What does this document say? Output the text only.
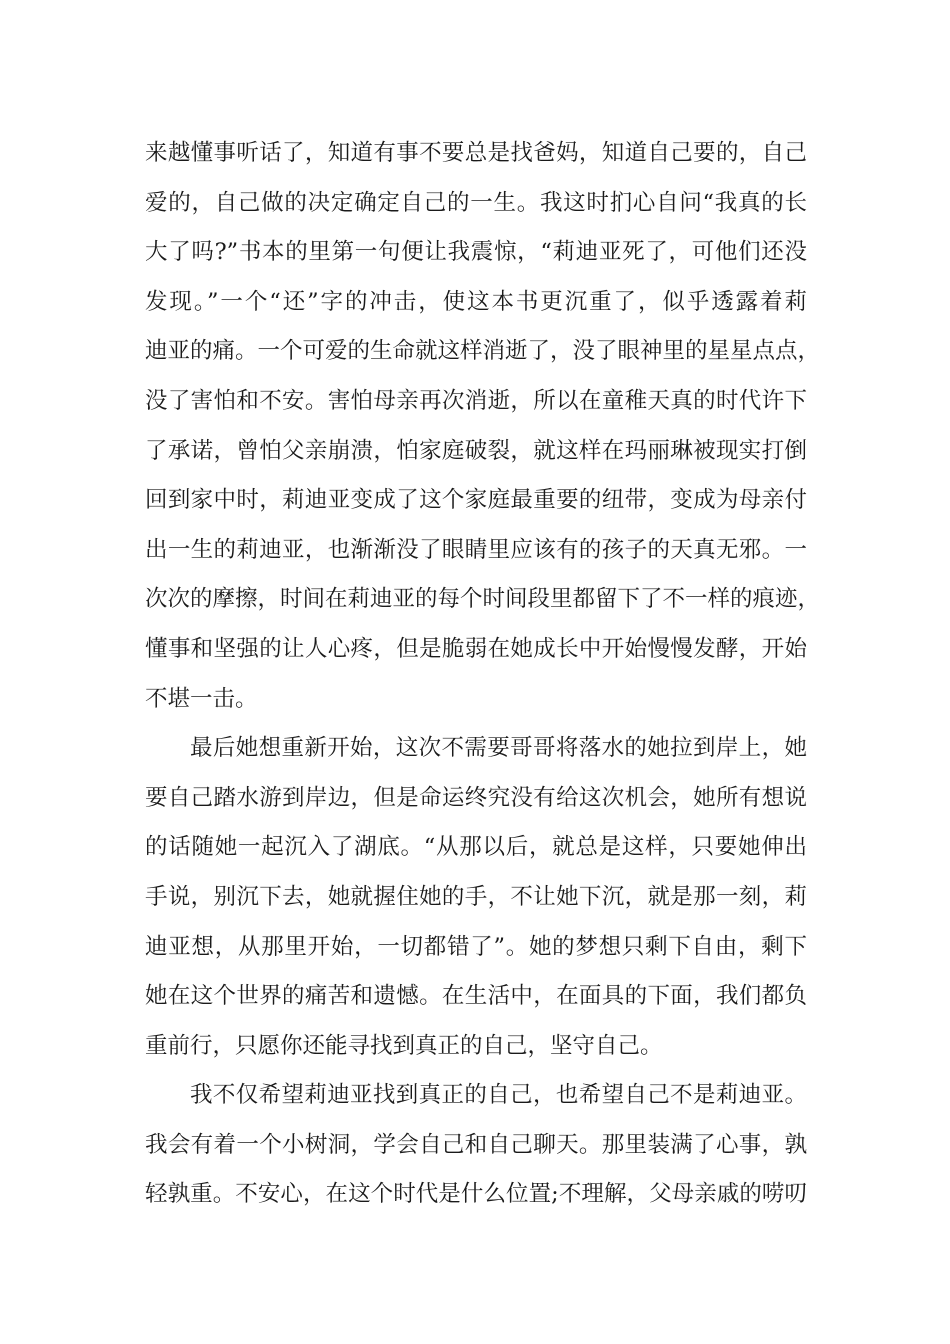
来越懂事听话了，知道有事不要总是找爸妈，知道自己要的，自己
爱的，自己做的决定确定自己的一生。我这时扪心自问“我真的长
大了吗?”书本的里第一句便让我震惊，“莉迪亚死了，可他们还没
发现。”一个“还”字的冲击，使这本书更沉重了，似乎透露着莉
迪亚的痛。一个可爱的生命就这样消逝了，没了眼神里的星星点点，
没了害怕和不安。害怕母亲再次消逝，所以在童稚天真的时代许下
了承诺，曾怕父亲崩溃，怕家庭破裂，就这样在玛丽琳被现实打倒
回到家中时，莉迪亚变成了这个家庭最重要的纽带，变成为母亲付
出一生的莉迪亚，也渐渐没了眼睛里应该有的孩子的天真无邪。一
次次的摩擦，时间在莉迪亚的每个时间段里都留下了不一样的痕迹，
懂事和坚强的让人心疼，但是脆弱在她成长中开始慢慢发酵，开始
不堪一击。
最后她想重新开始，这次不需要哥哥将落水的她拉到岸上，她
要自己踏水游到岸边，但是命运终究没有给这次机会，她所有想说
的话随她一起沉入了湖底。“从那以后，就总是这样，只要她伸出
手说，别沉下去，她就握住她的手，不让她下沉，就是那一刻，莉
迪亚想，从那里开始，一切都错了”。她的梦想只剩下自由，剩下
她在这个世界的痛苦和遗憾。在生活中，在面具的下面，我们都负
重前行，只愿你还能寻找到真正的自己，坚守自己。
我不仅希望莉迪亚找到真正的自己，也希望自己不是莉迪亚。
我会有着一个小树洞，学会自己和自己聊天。那里装满了心事，孰
轻孰重。不安心，在这个时代是什么位置;不理解，父母亲戚的唠叨
